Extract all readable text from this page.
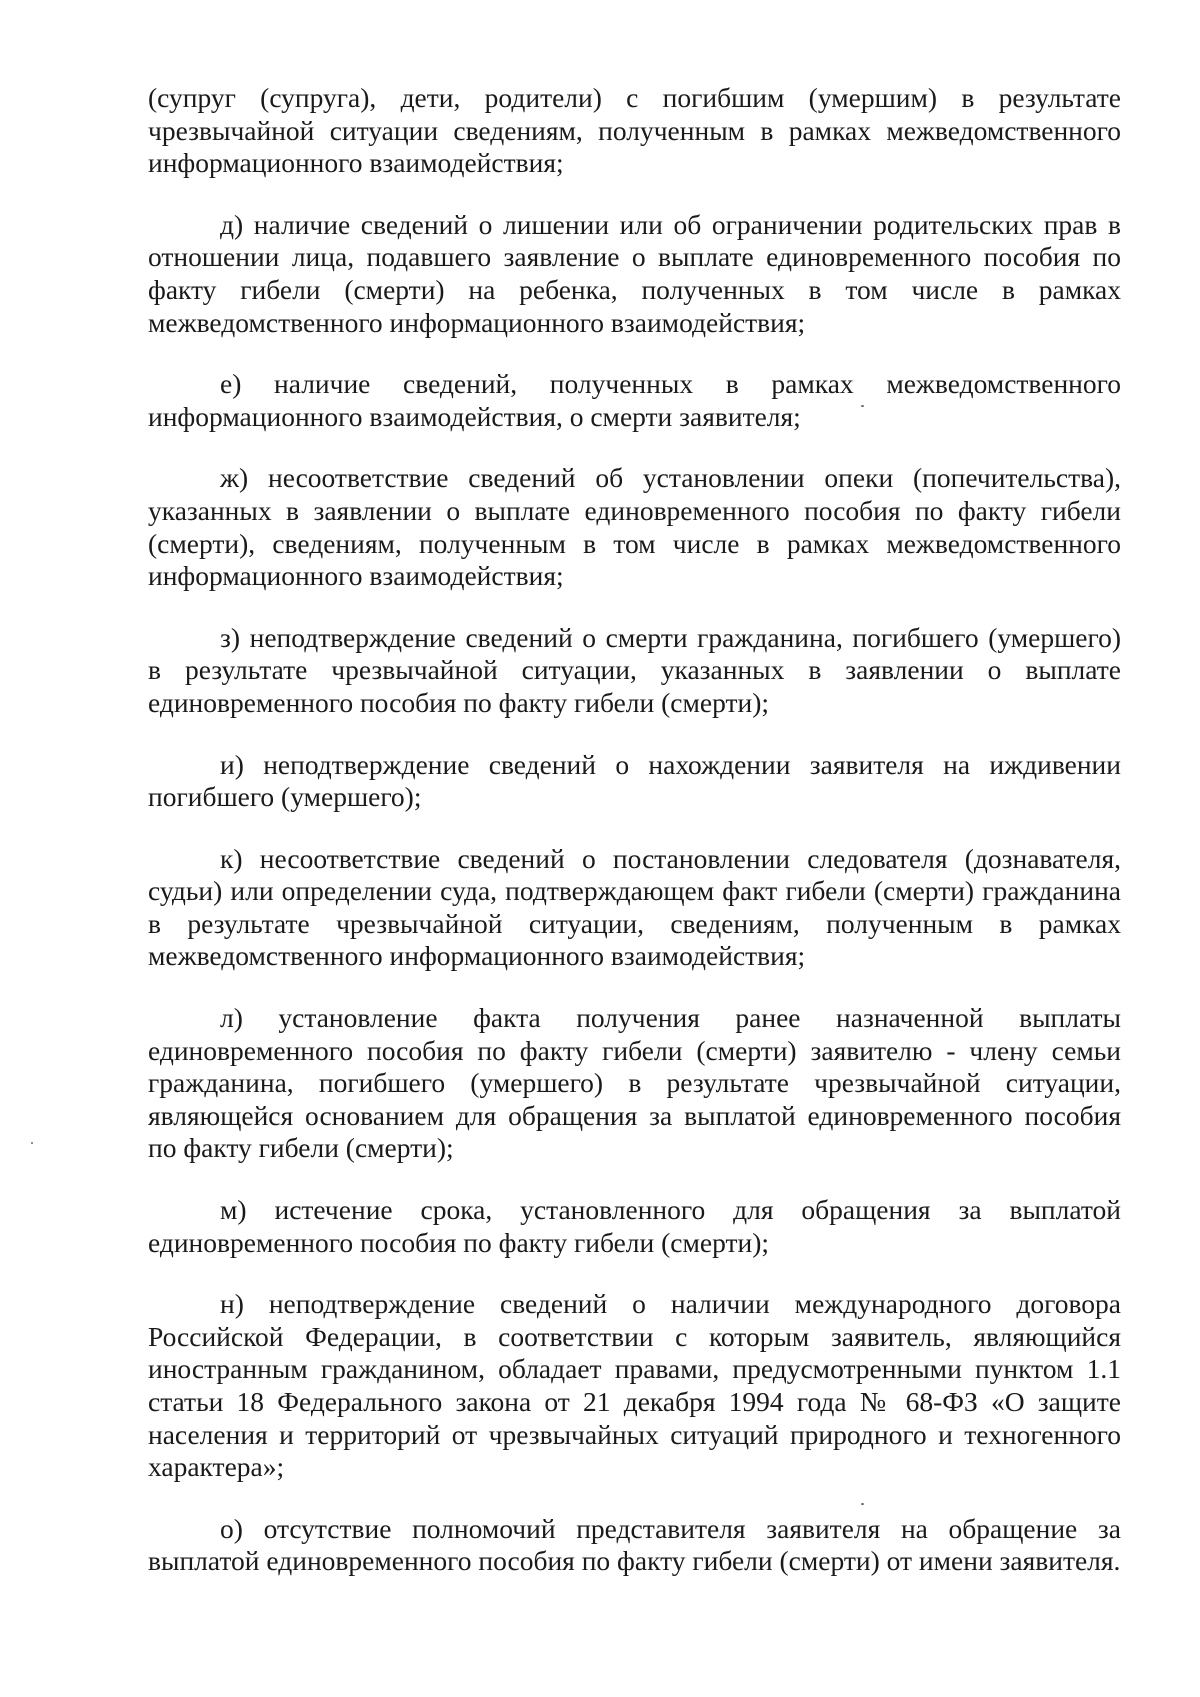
(супруг (супруга), дети, родители) с погибшим (умершим) в результате чрезвычайной ситуации сведениям, полученным в рамках межведомственного информационного взаимодействия;

д) наличие сведений о лишении или об ограничении родительских прав в отношении лица, подавшего заявление о выплате единовременного пособия по факту гибели (смерти) на ребенка, полученных в том числе в рамках межведомственного информационного взаимодействия;

е) наличие сведений, полученных в рамках межведомственного информационного взаимодействия, о смерти заявителя;

ж) несоответствие сведений об установлении опеки (попечительства), указанных в заявлении о выплате единовременного пособия по факту гибели (смерти), сведениям, полученным в том числе в рамках межведомственного информационного взаимодействия;

з) неподтверждение сведений о смерти гражданина, погибшего (умершего) в результате чрезвычайной ситуации, указанных в заявлении о выплате единовременного пособия по факту гибели (смерти);

и) неподтверждение сведений о нахождении заявителя на иждивении погибшего (умершего);

к) несоответствие сведений о постановлении следователя (дознавателя, судьи) или определении суда, подтверждающем факт гибели (смерти) гражданина в результате чрезвычайной ситуации, сведениям, полученным в рамках межведомственного информационного взаимодействия;

л) установление факта получения ранее назначенной выплаты единовременного пособия по факту гибели (смерти) заявителю - члену семьи гражданина, погибшего (умершего) в результате чрезвычайной ситуации, являющейся основанием для обращения за выплатой единовременного пособия по факту гибели (смерти);

м) истечение срока, установленного для обращения за выплатой единовременного пособия по факту гибели (смерти);

н) неподтверждение сведений о наличии международного договора Российской Федерации, в соответствии с которым заявитель, являющийся иностранным гражданином, обладает правами, предусмотренными пунктом 1.1 статьи 18 Федерального закона от 21 декабря 1994 года № 68-ФЗ «О защите населения и территорий от чрезвычайных ситуаций природного и техногенного характера»;

о) отсутствие полномочий представителя заявителя на обращение за выплатой единовременного пособия по факту гибели (смерти) от имени заявителя.
